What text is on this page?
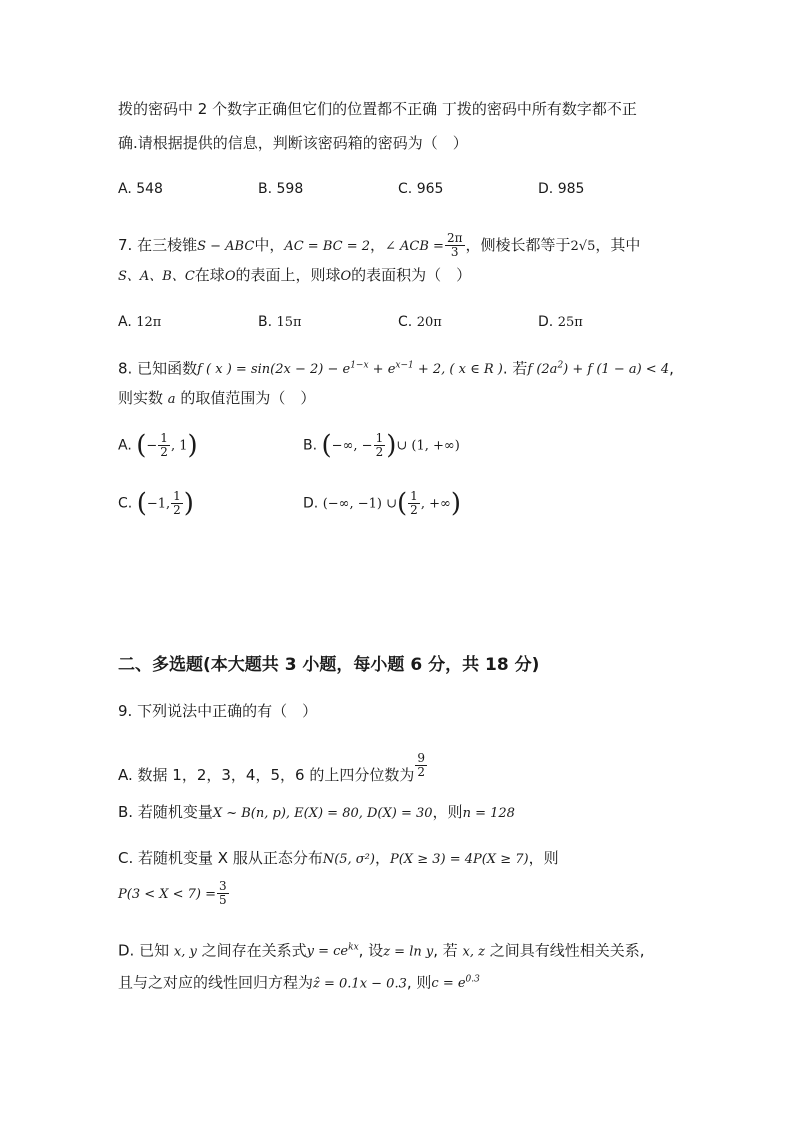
拨的密码中 2 个数字正确但它们的位置都不正确 丁拨的密码中所有数字都不正
确.请根据提供的信息，判断该密码箱的密码为（　）
A. 548	B. 598	C. 965	D. 985
7. 在三棱锥S − ABC中，AC = BC = 2，∠ ACB = $\frac{2\pi}{3}$ ，侧棱长都等于2√5，其中
S、A、B、C在球O的表面上，则球O的表面积为（　）
A. 12π	B. 15π	C. 20π	D. 25π
8. 已知函数f ( x ) = $\sin(2x - 2) - e^{1-x} + e^{x-1} + 2$, ( x ∈ R ). 若f $(2a^2) + f$ (1 − a) < 4,
则实数 a 的取值范围为（　）
A. (− $\frac{1}{2}$ , 1)	B. (−∞, − $\frac{1}{2}$ )∪ (1, +∞)
C. (−1, $\frac{1}{2}$ )	D. (−∞, −1) ∪( $\frac{1}{2}$ , +∞)
二、多选题(本大题共 3 小题，每小题 6 分，共 18 分)
9. 下列说法中正确的有（　）
A. 数据 1，2，3，4，5，6 的上四分位数为 $\frac{9}{2}$
B. 若随机变量X ~ B(n, p), E(X) = 80, D(X) = 30，则n = 128
C. 若随机变量 X 服从正态分布N(5, σ²)，P(X ≥ 3) = 4P(X ≥ 7)，则
$P(3 < X < 7) = \frac{3}{5}$
D. 已知 x, y 之间存在关系式$y = ce^{kx}$, 设z = ln y, 若 x, z 之间具有线性相关关系,
且与之对应的线性回归方程为ẑ = 0.1x − 0.3, 则$c = e^{0.3}$
